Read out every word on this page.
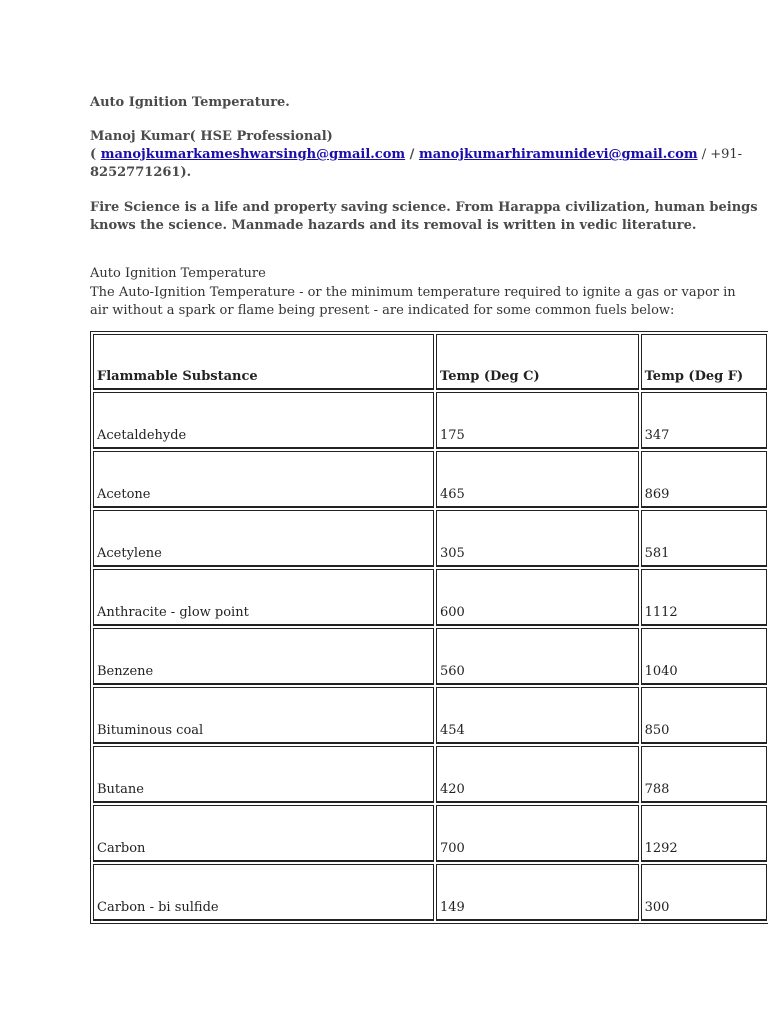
Auto Ignition Temperature.
Manoj Kumar( HSE Professional)
( manojkumarkameshwarsingh@gmail.com / manojkumarhiramunidevi@gmail.com / +91-
8252771261).
Fire Science is a life and property saving science. From Harappa civilization, human beings
knows the science. Manmade hazards and its removal is written in vedic literature.
Auto Ignition Temperature
The Auto-Ignition Temperature - or the minimum temperature required to ignite a gas or vapor in
air without a spark or flame being present - are indicated for some common fuels below:
Flammable Substance	Temp (Deg C)	Temp (Deg F)
Acetaldehyde	175	347
Acetone	465	869
Acetylene	305	581
Anthracite - glow point	600	1112
Benzene	560	1040
Bituminous coal	454	850
Butane	420	788
Carbon	700	1292
Carbon - bi sulfide	149	300
